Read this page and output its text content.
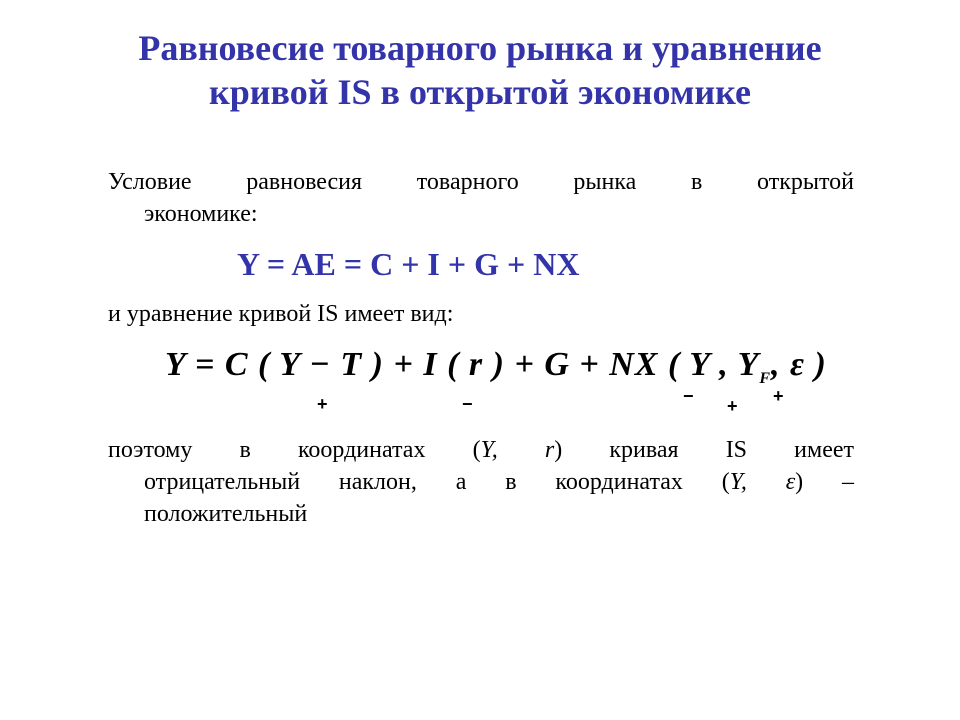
Равновесие товарного рынка и уравнение
кривой IS в открытой экономике
Условие равновесия товарного рынка в открытой
экономике:
Y = AE = C + I + G + NX
и уравнение кривой IS имеет вид:
Y = C ( Y − T ) + I ( r ) + G + NX ( Y , $Y_F$, ε )
+	−	− + +
поэтому в координатах (Y, r) кривая IS имеет
отрицательный наклон, а в координатах (Y, ε) –
положительный
